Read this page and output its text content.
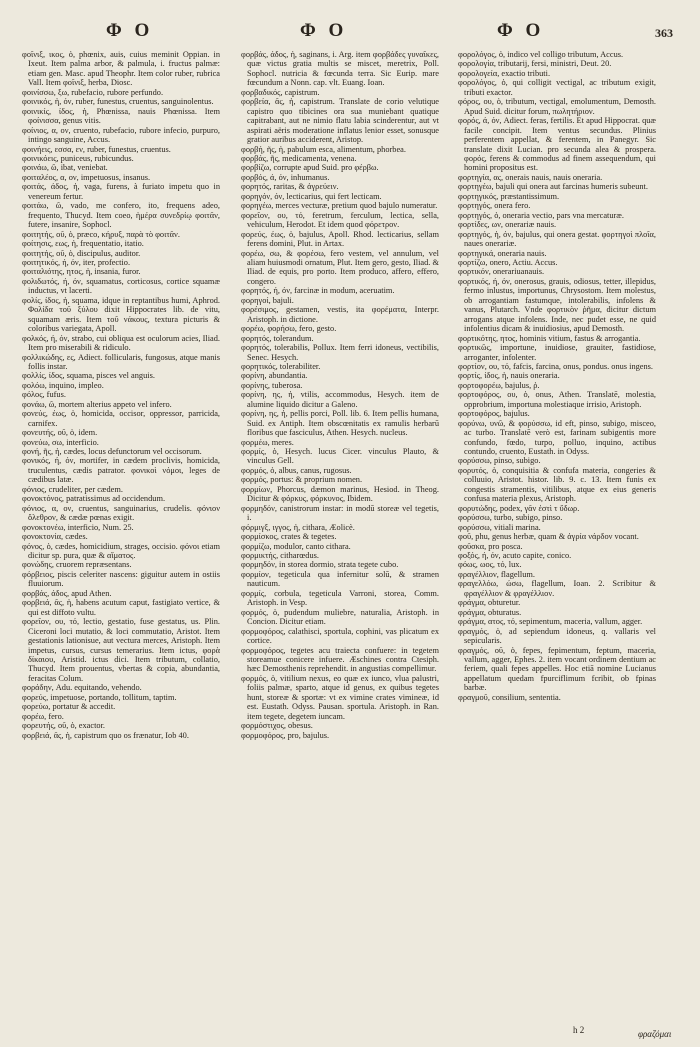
Φ Ο	Φ Ο	Φ Ο	363

φοῖνιξ, ικος, ὁ, phœnix, auis, cuius meminit Oppian. in Ixeut. Item palma arbor, & palmula, i. fructus palmæ: etiam gen. Masc. apud Theophr. Item color ruber, rubrica Vall. Item φοῖνιξ, herba, Diosc.

φοινίσσω, ξω, rubefacio, rubore perfundo.

φοινικός, ἡ, όν, ruber, funestus, cruentus, sanguinolentus.

φοινικίς, ίδος, ἡ, Phœnissa, nauis Phœnissa. Item φοίνισσα, genus vitis.

φοίνιος, α, ον, cruento, rubefacio, rubore infecio, purpuro, intingo sanguine, Accus.

φοινήεις, εσσα, εν, ruber, funestus, cruentus.

φοινικόεις, puniceus, rubicundus.

φοινάω, ῶ, ibat, veniebat.

φοιταλέος, α, ον, impetuosus, insanus.

φοιτάς, άδος, ἡ, vaga, furens, à furiato impetu quo in venereum fertur.

φοιτάω, ῶ, vado, me confero, ito, frequens adeo, frequento, Thucyd. Item coeo, ἡμέρα συνεδρίῳ φοιτᾶν, futere, insanire, Sophocl.

φοιτητής, οῦ, ὁ, præco, κήρυξ, παρὰ τὸ φοιτᾶν.

φοίτησις, εως, ἡ, frequentatio, itatio.

φοιτητής, οῦ, ὁ, discipulus, auditor.

φοιτητικός, ή, όν, iter, profectio.

φοιταλιότης, ητος, ἡ, insania, furor.

φολιδωτός, ή, όν, squamatus, corticosus, cortice squamæ inductus, vt lacerti.

φολίς, ίδος, ἡ, squama, idque in reptantibus humi, Aphrod. Φολίδα τοῦ ξύλου dixit Hippocrates lib. de vitu, squamam æris. Item τοῦ νάκους, textura picturis & coloribus variegata, Apoll.

φολκός, ή, όν, strabo, cui obliqua est oculorum acies, Iliad. Item pro miserabili & ridiculo.

φολλικώδης, ες, Adiect. follicularis, fungosus, atque manis follis instar.

φολλίς, ίδος, squama, pisces vel anguis.

φολόω, inquino, impleo.

φόλος, fufus.

φονάω, ῶ, mortem alterius appeto vel infero.

φονεύς, έως, ὁ, homicida, occisor, oppressor, parricida, carnifex.

φονευτής, οῦ, ὁ, idem.

φονεύω, σω, interficio.

φονή, ῆς, ἡ, cædes, locus defunctorum vel occisorum.

φονικός, ή, όν, mortifer, in cædem proclivis, homicida, truculentus, cædis patrator. φονικοὶ νόμοι, leges de cædibus latæ.

φόνιος, crudeliter, per cædem.

φονοκτόνος, patratissimus ad occidendum.

φόνιος, α, ον, cruentus, sanguinarius, crudelis. φόνιον ὄλεθρον, & cædæ pœnas exigit.

φονοκτονέω, interficio, Num. 25.

φονοκτονία, cædes.

φόνος, ὁ, cædes, homicidium, strages, occisio. φόνοι etiam dicitur sp. pura, quæ & αἵματος.

φονώδης, cruorem repræsentans.

φόρβειος, piscis celeriter nascens: giguitur autem in ostiis fluuiorum.

φορβάς, άδος, apud Athen.

φορβειά, ᾶς, ἡ, habens acutum caput, fastigiato vertice, & qui est diffoto vultu.

φορεῖον, ου, τό, lectio, gestatio, fuse gestatus, us. Plin. Ciceroni loci mutatio, & loci commutatio, Aristot. Item gestationis lationisue, aut vectura merces, Aristoph. Item impetus, cursus, cursus temerarius. Item ictus, φορὰ δίκαιου, Aristid. ictus dici. Item tributum, collatio, Thucyd. Item prouentus, vbertas & copia, abundantia, feracitas Colum.

φοράδην, Adu. equitando, vehendo.

φορεύς, impetuose, portando, tollitum, taptim.

φορεύω, portatur & accedit.

φορέω, fero.

φορευτής, οῦ, ὁ, exactor.

φορβειά, ᾶς, ἡ, capistrum quo os frænatur, Iob 40.

φορβάς, άδος, ἡ, saginans, i. Arg. item φορβάδες γυναῖκες, quæ victus gratia multis se miscet, meretrix, Poll. Sophocl. nutricia & fœcunda terra. Sic Eurip. mare fœcundum a Nonn. cap. vlt. Euang. Ioan.

φορβαδικός, capistrum.

φορβεία, ᾶς, ἡ, capistrum. Translate de corio velutique capistro quo tibicines ora sua muniebant quatique capitrabant, aut ne nimio flatu labia scinderentur, aut vt aspirati aëris moderatione inflatus lenior esset, sonusque gratior auribus acciderent, Aristop.

φορβή, ῆς, ἡ, pabulum esca, alimentum, phorbea.

φορβάς, ῆς, medicamenta, venena.

φορβίζω, corrupte apud Suid. pro φέρβω.

φορβός, ά, όν, inhumanus.

φορητός, raritas, & ἀγρεύειν.

φορηγόν, όν, lecticarius, qui fert lecticam.

φορηγέω, merces vecturæ, pretium quod bajulo numeratur.

φορεῖον, ου, τό, feretrum, ferculum, lectica, sella, vehiculum, Herodot. Et idem quod φόρετρον.

φορεύς, έως, ὁ, bajulus, Apoll. Rhod. lecticarius, sellam ferens domini, Plut. in Artax.

φορέω, σω, & φορέσω, fero vestem, vel annulum, vel aliam huiusmodi ornatum, Plut. Item gero, gesto, Iliad. & Iliad. de equis, pro porto. Item produco, affero, effero, congero.

φορητός, ή, όν, farcinæ in modum, aceruatim.

φορηγοί, bajuli.

φορέσιμος, gestamen, vestis, ita φορέματα, Interpr. Aristoph. in dictione.

φορέω, φορήσω, fero, gesto.

φορητός, tolerandum.

φορητός, tolerabilis, Pollux. Item ferri idoneus, vectibilis, Senec. Hesych.

φορητικός, tolerabiliter.

φορίνη, abundantia.

φορίνης, tuberosa.

φορίνη, ης, ἡ, vtilis, accommodus, Hesych. item de alumine liquido dicitur a Galeno.

φορίνη, ης, ἡ, pellis porci, Poll. lib. 6. Item pellis humana, Suid. ex Antiph. Item obscœnitatis ex ramulis herbarū floribus que fasciculus, Athen. Hesych. nucleus.

φορμέω, meres.

φορμίς, ὁ, Hesych. lucus Cicer. vinculus Plauto, & vinculus Gell.

φορμός, ὁ, albus, canus, rugosus.

φορμός, portus: & proprium nomen.

φορμίων, Phorcus, dæmon marinus, Hesiod. in Theog. Dicitur & φόρκυς, φόρκυνος, Ibidem.

φορμηδόν, canistrorum instar: in modū storeæ vel tegetis, i.

φόρμιγξ, ιγγος, ἡ, cithara, Æolicè.

φορμίσκος, crates & tegetes.

φορμίζω, modulor, canto cithara.

φορμικτής, citharœdus.

φορμηδόν, in storea dormio, strata tegete cubo.

φορμίον, tegeticula qua infernitur solū, & stramen nauticum.

φορμίς, corbula, tegeticula Varroni, storea, Comm. Aristoph. in Vesp.

φορμός, ὁ, pudendum muliebre, naturalia, Aristoph. in Concion. Dicitur etiam.

φορμοφόρος, calathisci, sportula, cophini, vas plicatum ex cortice.

φορμοφόρος, tegetes acu traiecta confuere: in tegetem storeamue conicere infuere. Æschines contra Ctesiph. hæc Demosthenis reprehendit. in angustias compellimur.

φορμός, ὁ, vitilium nexus, eo quæ ex iunco, vlua palustri, foliis palmæ, sparto, atque id genus, ex quibus tegetes hunt, storeæ & sportæ: vt ex vimine crates vimineæ, id est. Eustath. Odyss. Pausan. sportula. Aristoph. in Ran. item tegete, degetem iuncam.

φορμόστιχος, obesus.

φορμοφόρος, pro, bajulus.

φορολόγος, ὁ, indico vel colligo tributum, Accus.

φορολογία, tributarij, fersi, ministri, Deut. 20.

φορολογεία, exactio tributi.

φορολόγος, ὁ, qui colligit vectigal, ac tributum exigit, tributi exactor.

φόρος, ου, ὁ, tributum, vectigal, emolumentum, Demosth. Apud Suid. dicitur forum, πωλητήριον.

φορός, ά, όν, Adiect. feras, fertilis. Et apud Hippocrat. quæ facile concipit. Item ventus secundus. Plinius perferentem appellat, & ferentem, in Panegyr. Sic translate dixit Lucian. pro secunda alea & prospera. φορός, ferens & commodus ad finem assequendum, qui homini propositus est.

φορτηγία, ας, onerais nauis, nauis oneraria.

φορτηγέω, bajuli qui onera aut farcinas humeris subeunt.

φορτηγικός, præstantissimum.

φορτηγός, onera fero.

φορτηγός, ὁ, oneraria vectio, pars vna mercaturæ.

φορτίδες, ων, onerariæ nauis.

φορτηγός, ἡ, όν, bajulus, qui onera gestat. φορτηγοὶ πλοῖα, naues onerariæ.

φορτηγικά, oneraria nauis.

φορτίζω, onero, Actiu. Accus.

φορτικόν, onerariuanauis.

φορτικός, ή, όν, onerosus, grauis, odiosus, tetter, illepidus, fermo inlustus, importunus, Chrysostom. Item molestus, ob arrogantiam fastumque, intolerabilis, infolens & vanus, Plutarch. Vnde φορτικὸν ῥῆμα, dicitur dictum arrogans atque infolens. Inde, nec pudet esse, ne quid infolentius dicam & inuidiosius, apud Demosth.

φορτικότης, ητος, hominis vitium, fastus & arrogantia.

φορτικῶς, importune, inuidiose, grauiter, fastidiose, arroganter, infolenter.

φορτίον, ου, τό, fafcis, farcina, onus, pondus. onus ingens.

φορτίς, ίδος, ἡ, nauis oneraria.

φορτοφορέω, bajulus, ῥ.

φορτοφόρος, ου, ὁ, onus, Athen. Translatē, molestia, opprobrium, importuna molestiaque irrisio, Aristoph.

φορτοφόρος, bajulus.

φορύνω, υνῶ, & φορύσσω, id eft, pinso, subigo, misceo, ac turbo. Translatē verò est, farinam subigentis more confundo, fœdo, turpo, polluo, inquino, actibus contundo, cruento, Eustath. in Odyss.

φορύσσω, pinso, subigo.

φορυτός, ὁ, conquisitia & confufa materia, congeries & colluuio, Aristot. histor. lib. 9. c. 13. Item funis ex congestis stramentis, vitilibus, atque ex eius generis confusa materia plexus, Aristoph.

φορυτώδης, podex, γᾶν ἐστὶ τ ὔδωρ.

φορύσσω, turbo, subigo, pinso.

φορύσσω, vitiali marina.

φοῦ, phu, genus herbæ, quam & ἀγρία νάρδον vocant.

φοῦσκα, pro posca.

φοξός, ή, όν, acuto capite, conico.

φόως, ωος, τό, lux.

φραγέλλιον, flagellum.

φραγελλόω, ώσω, flagellum, Ioan. 2. Scribitur & φραγέλλιον & φραγέλλιον.

φράγμα, obturetur.

φράγμα, obturatus.

φράγμα, ατος, τό, sepimentum, maceria, vallum, agger.

φραγμός, ὁ, ad sepiendum idoneus, q. vallaris vel sepicularis.

φραγμός, οῦ, ὁ, fepes, fepimentum, feptum, maceria, vallum, agger, Ephes. 2. item vocant ordinem dentium ac feriem, quali fepes appelles. Hoc etiā nomine Lucianus appellatum quedam fpurciflimum fcribit, ob fpinas barbæ.

φραγμοῦ, consilium, sententia.

h 2	φραζόμαι
